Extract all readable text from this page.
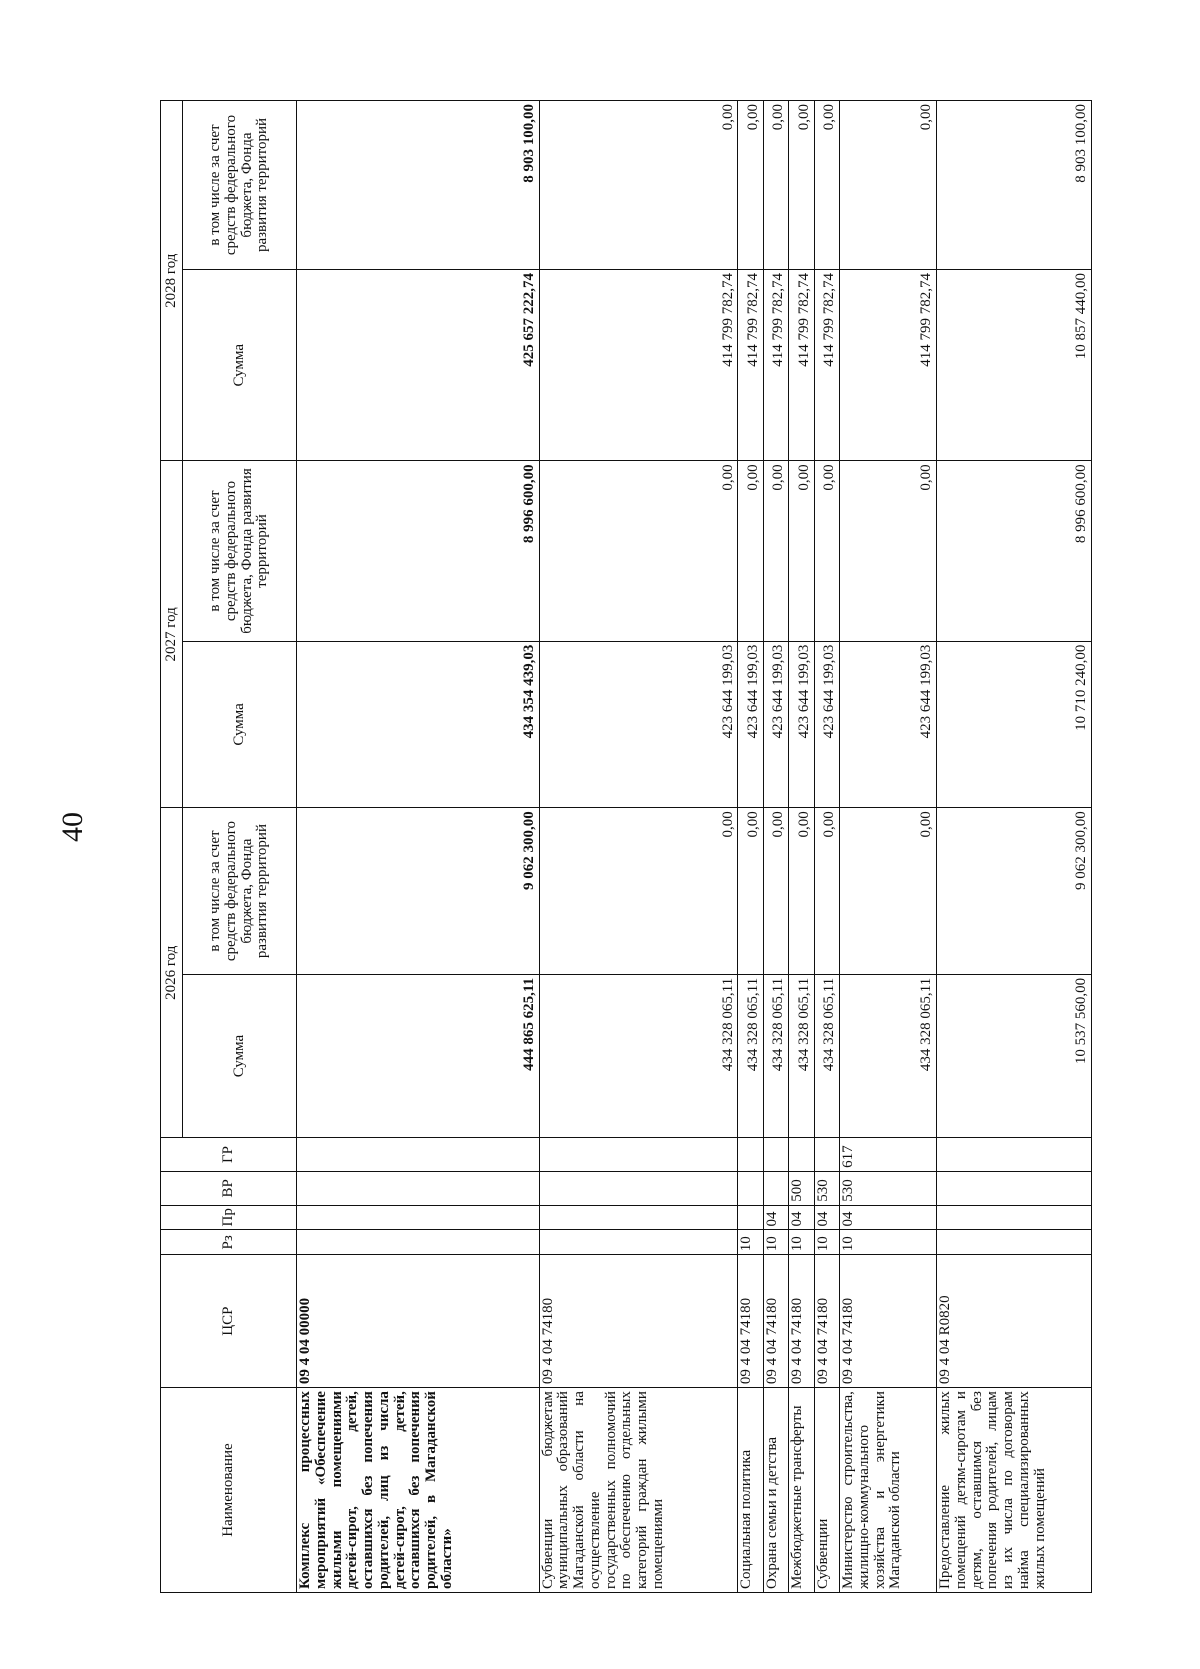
40
Наименование	ЦСР	Рз	Пр	ВР	ГР	2026 год		2027 год		2028 год	
						Сумма	в том числе за счет средств федерального бюджета, Фонда развития территорий	Сумма	в том числе за счет средств федерального бюджета, Фонда развития территорий	Сумма	в том числе за счет средств федерального бюджета, Фонда развития территорий

Комплекс процессных мероприятий «Обеспечение жилыми помещениями детей-сирот, детей, оставшихся без попечения родителей, лиц из числа детей-сирот, детей, оставшихся без попечения родителей, в Магаданской области»	09 4 04 00000					444 865 625,11	9 062 300,00	434 354 439,03	8 996 600,00	425 657 222,74	8 903 100,00
Субвенции бюджетам муниципальных образований Магаданской области на осуществление государственных полномочий по обеспечению отдельных категорий граждан жилыми помещениями	09 4 04 74180					434 328 065,11	0,00	423 644 199,03	0,00	414 799 782,74	0,00
Социальная политика	09 4 04 74180	10				434 328 065,11	0,00	423 644 199,03	0,00	414 799 782,74	0,00
Охрана семьи и детства	09 4 04 74180	10	04			434 328 065,11	0,00	423 644 199,03	0,00	414 799 782,74	0,00
Межбюджетные трансферты	09 4 04 74180	10	04	500		434 328 065,11	0,00	423 644 199,03	0,00	414 799 782,74	0,00
Субвенции	09 4 04 74180	10	04	530		434 328 065,11	0,00	423 644 199,03	0,00	414 799 782,74	0,00
Министерство строительства, жилищно-коммунального хозяйства и энергетики Магаданской области	09 4 04 74180	10	04	530	617	434 328 065,11	0,00	423 644 199,03	0,00	414 799 782,74	0,00
Предоставление жилых помещений детям-сиротам и детям, оставшимся без попечения родителей, лицам из их числа по договорам найма специализированных жилых помещений	09 4 04 R0820					10 537 560,00	9 062 300,00	10 710 240,00	8 996 600,00	10 857 440,00	8 903 100,00
